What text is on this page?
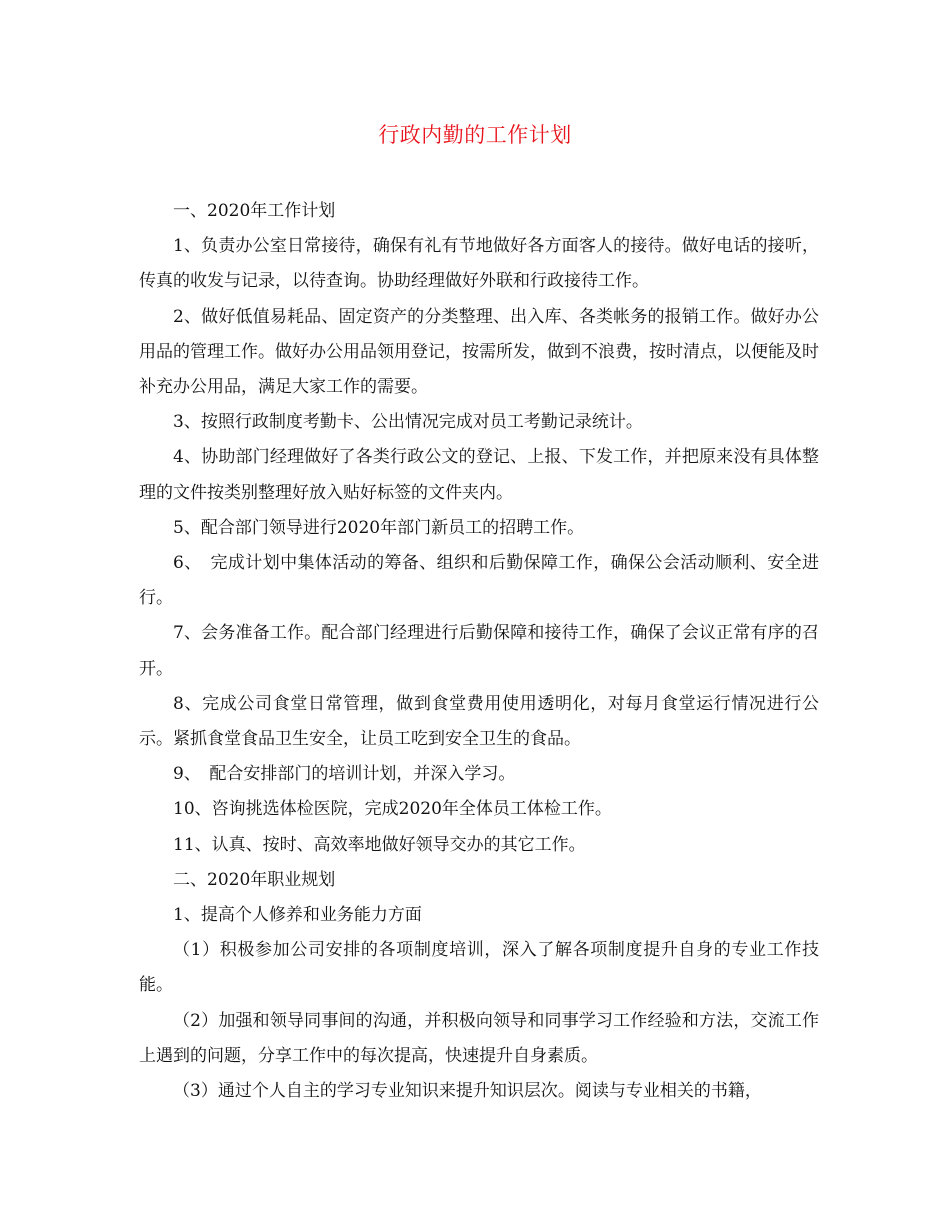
行政内勤的工作计划

一、2020年工作计划

1、负责办公室日常接待，确保有礼有节地做好各方面客人的接待。做好电话的接听，传真的收发与记录，以待查询。协助经理做好外联和行政接待工作。

2、做好低值易耗品、固定资产的分类整理、出入库、各类帐务的报销工作。做好办公用品的管理工作。做好办公用品领用登记，按需所发，做到不浪费，按时清点，以便能及时补充办公用品，满足大家工作的需要。

3、按照行政制度考勤卡、公出情况完成对员工考勤记录统计。

4、协助部门经理做好了各类行政公文的登记、上报、下发工作，并把原来没有具体整理的文件按类别整理好放入贴好标签的文件夹内。

5、配合部门领导进行2020年部门新员工的招聘工作。

6、　完成计划中集体活动的筹备、组织和后勤保障工作，确保公会活动顺利、安全进行。

7、会务准备工作。配合部门经理进行后勤保障和接待工作，确保了会议正常有序的召开。

8、完成公司食堂日常管理，做到食堂费用使用透明化，对每月食堂运行情况进行公示。紧抓食堂食品卫生安全，让员工吃到安全卫生的食品。

9、　配合安排部门的培训计划，并深入学习。

10、咨询挑选体检医院，完成2020年全体员工体检工作。

11、认真、按时、高效率地做好领导交办的其它工作。

二、2020年职业规划

1、提高个人修养和业务能力方面

（1）积极参加公司安排的各项制度培训，深入了解各项制度提升自身的专业工作技能。

（2）加强和领导同事间的沟通，并积极向领导和同事学习工作经验和方法，交流工作上遇到的问题，分享工作中的每次提高，快速提升自身素质。

（3）通过个人自主的学习专业知识来提升知识层次。阅读与专业相关的书籍，
